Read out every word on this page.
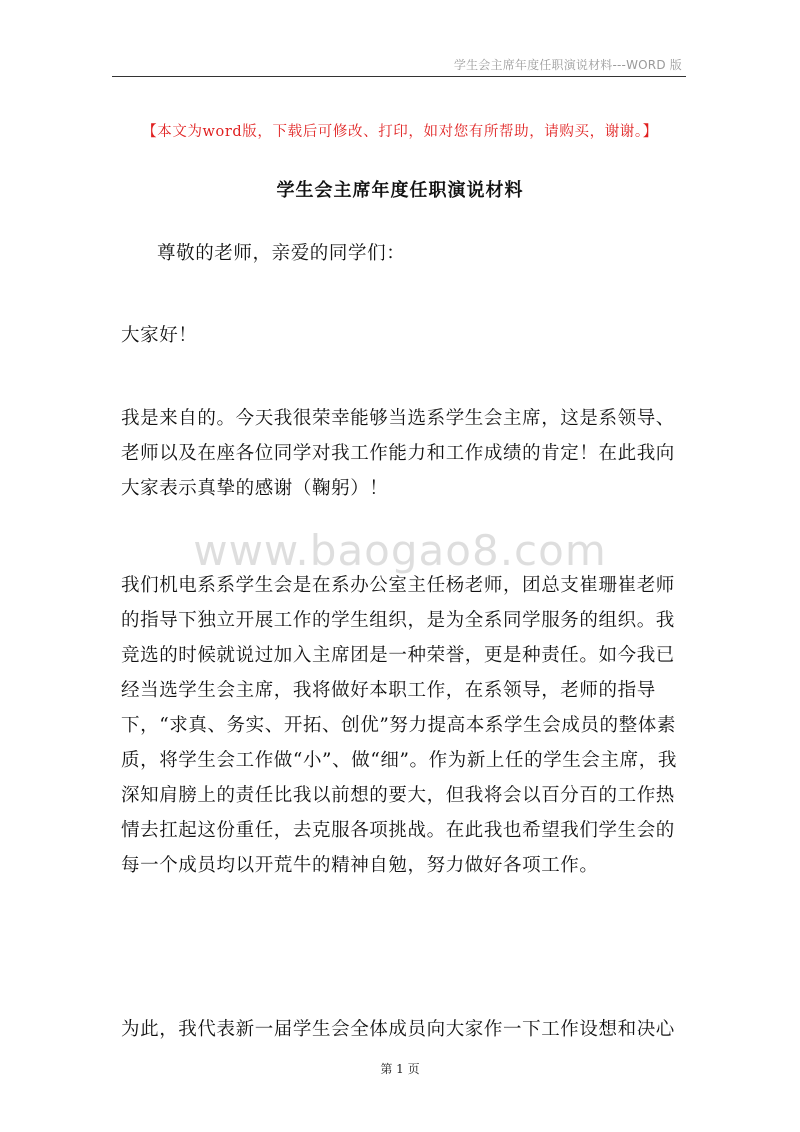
学生会主席年度任职演说材料---WORD 版
【本文为word版，下载后可修改、打印，如对您有所帮助，请购买，谢谢。】
学生会主席年度任职演说材料

尊敬的老师，亲爱的同学们：

大家好！

我是来自的。今天我很荣幸能够当选系学生会主席，这是系领导、老师以及在座各位同学对我工作能力和工作成绩的肯定！在此我向大家表示真挚的感谢（鞠躬）！

www.baogao8.com

我们机电系系学生会是在系办公室主任杨老师，团总支崔珊崔老师的指导下独立开展工作的学生组织，是为全系同学服务的组织。我竞选的时候就说过加入主席团是一种荣誉，更是种责任。如今我已经当选学生会主席，我将做好本职工作，在系领导，老师的指导下，“求真、务实、开拓、创优”努力提高本系学生会成员的整体素质，将学生会工作做“小”、做“细”。作为新上任的学生会主席，我深知肩膀上的责任比我以前想的要大，但我将会以百分百的工作热情去扛起这份重任，去克服各项挑战。在此我也希望我们学生会的每一个成员均以开荒牛的精神自勉，努力做好各项工作。

为此，我代表新一届学生会全体成员向大家作一下工作设想和决心

第 1 页
